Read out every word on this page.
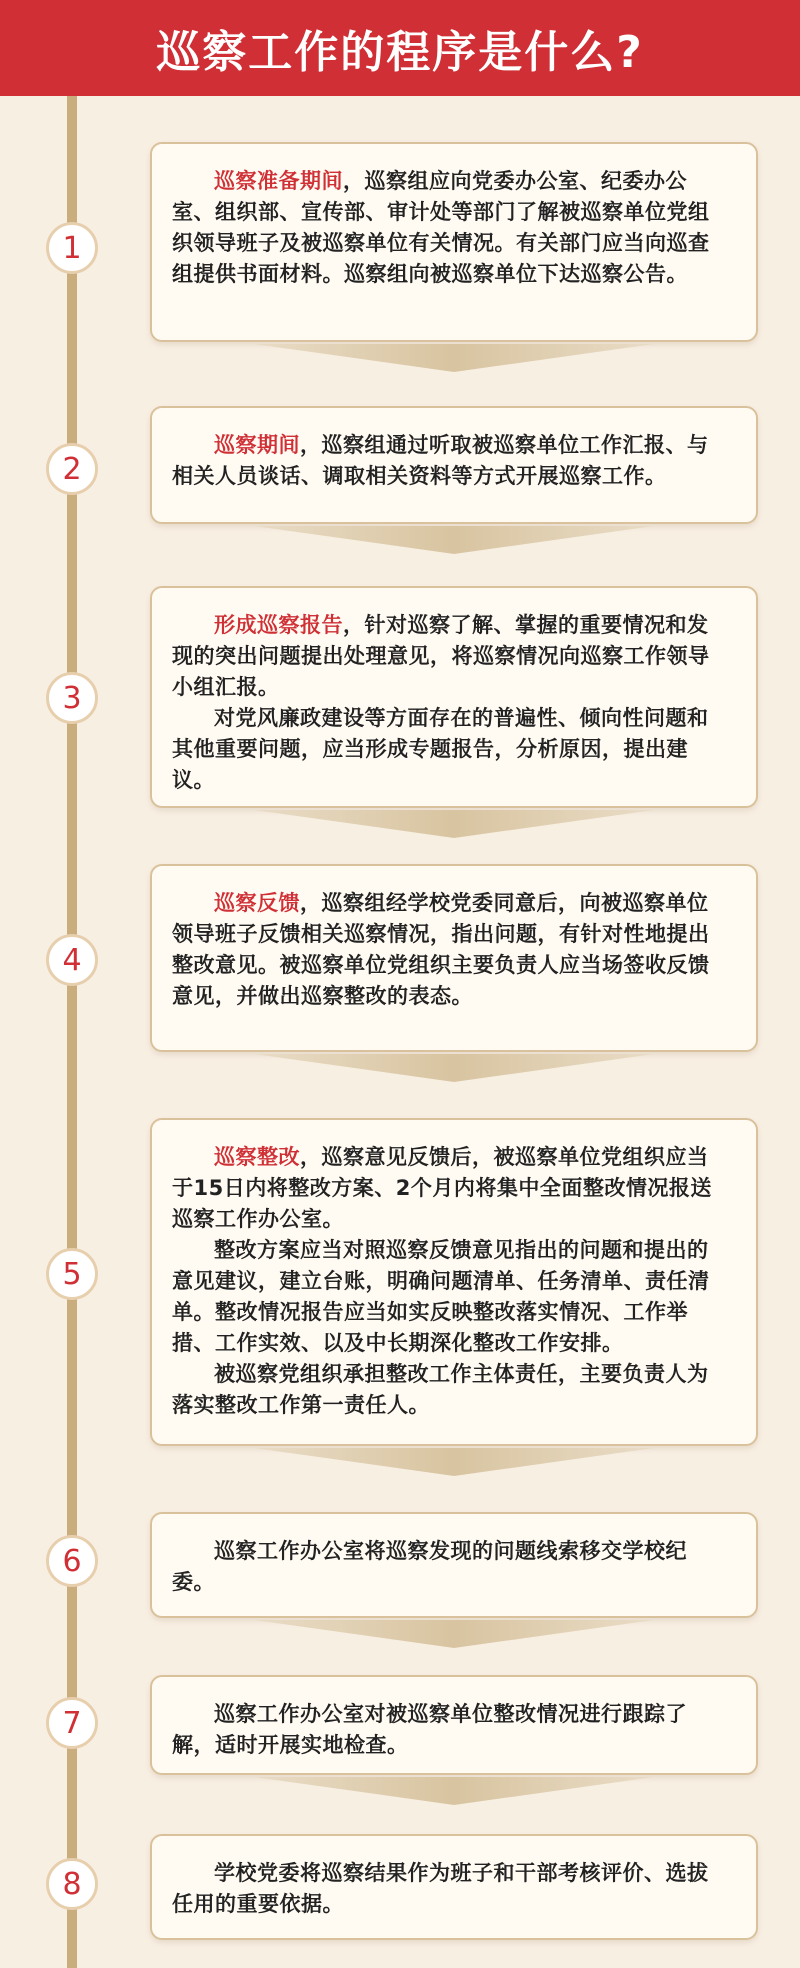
巡察工作的程序是什么?
1

巡察准备期间，巡察组应向党委办公室、纪委办公室、组织部、宣传部、审计处等部门了解被巡察单位党组织领导班子及被巡察单位有关情况。有关部门应当向巡查组提供书面材料。巡察组向被巡察单位下达巡察公告。

2

巡察期间，巡察组通过听取被巡察单位工作汇报、与相关人员谈话、调取相关资料等方式开展巡察工作。

3

形成巡察报告，针对巡察了解、掌握的重要情况和发现的突出问题提出处理意见，将巡察情况向巡察工作领导小组汇报。

对党风廉政建设等方面存在的普遍性、倾向性问题和其他重要问题，应当形成专题报告，分析原因，提出建议。

4

巡察反馈，巡察组经学校党委同意后，向被巡察单位领导班子反馈相关巡察情况，指出问题，有针对性地提出整改意见。被巡察单位党组织主要负责人应当场签收反馈意见，并做出巡察整改的表态。

5

巡察整改，巡察意见反馈后，被巡察单位党组织应当于15日内将整改方案、2个月内将集中全面整改情况报送巡察工作办公室。

整改方案应当对照巡察反馈意见指出的问题和提出的意见建议，建立台账，明确问题清单、任务清单、责任清单。整改情况报告应当如实反映整改落实情况、工作举措、工作实效、以及中长期深化整改工作安排。

被巡察党组织承担整改工作主体责任，主要负责人为落实整改工作第一责任人。

6	巡察工作办公室将巡察发现的问题线索移交学校纪委。

7	巡察工作办公室对被巡察单位整改情况进行跟踪了解，适时开展实地检查。

8	学校党委将巡察结果作为班子和干部考核评价、选拔任用的重要依据。
